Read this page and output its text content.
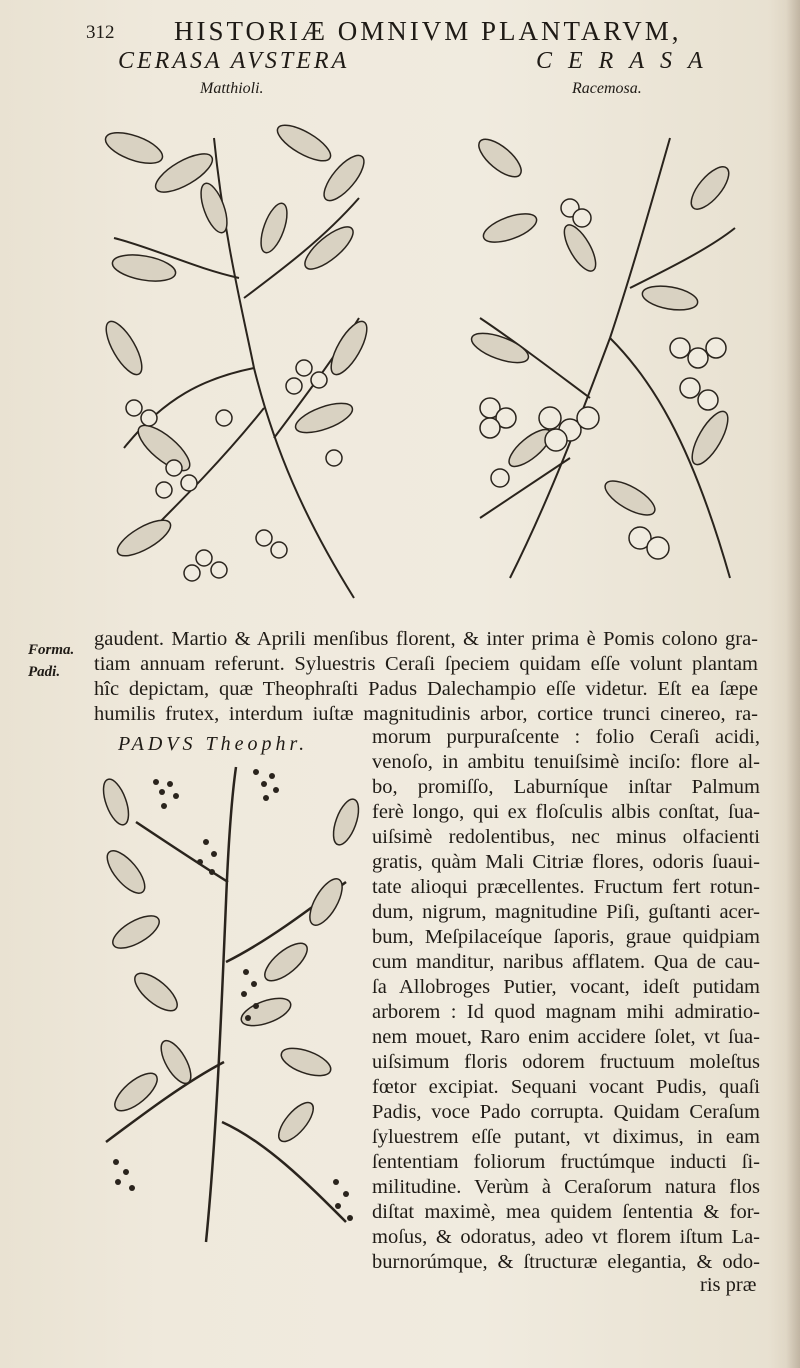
312 HISTORIÆ OMNIVM PLANTARVM,
CERASA AVSTERA
Matthioli.
CERASA
Racemosa.
Forma.
Padi.
gaudent. Martio & Aprili menſibus florent, & inter prima è Pomis colono gra-
tiam annuam referunt. Syluestris Ceraſi ſpeciem quidam eſſe volunt plantam
hîc depictam, quæ Theophraſti Padus Dalechampio eſſe videtur. Eſt ea ſæpe
humilis frutex, interdum iuſtæ magnitudinis arbor, cortice trunci cinereo, ra-
PADVS Theophr.	morum purpuraſcente : folio Ceraſi acidi,
venoſo, in ambitu tenuiſsimè inciſo: flore al-
bo, promiſſo, Laburníque inſtar Palmum
ferè longo, qui ex floſculis albis conſtat, ſua-
uiſsimè redolentibus, nec minus olfacienti
gratis, quàm Mali Citriæ flores, odoris ſuaui-
tate alioqui præcellentes. Fructum fert rotun-
dum, nigrum, magnitudine Piſi, guſtanti acer-
bum, Meſpilaceíque ſaporis, graue quidpiam
cum manditur, naribus afflatem. Qua de cau-
ſa Allobroges Putier, vocant, ideſt putidam
arborem : Id quod magnam mihi admiratio-
nem mouet, Raro enim accidere ſolet, vt ſua-
uiſsimum floris odorem fructuum moleſtus
fœtor excipiat. Sequani vocant Pudis, quaſi
Padis, voce Pado corrupta. Quidam Ceraſum
ſyluestrem eſſe putant, vt diximus, in eam
ſententiam foliorum fructúmque inducti ſi-
militudine. Verùm à Ceraſorum natura flos
diſtat maximè, mea quidem ſententia & for-
moſus, & odoratus, adeo vt florem iſtum La-
burnorúmque, & ſtructuræ elegantia, & odo-
ris præ
